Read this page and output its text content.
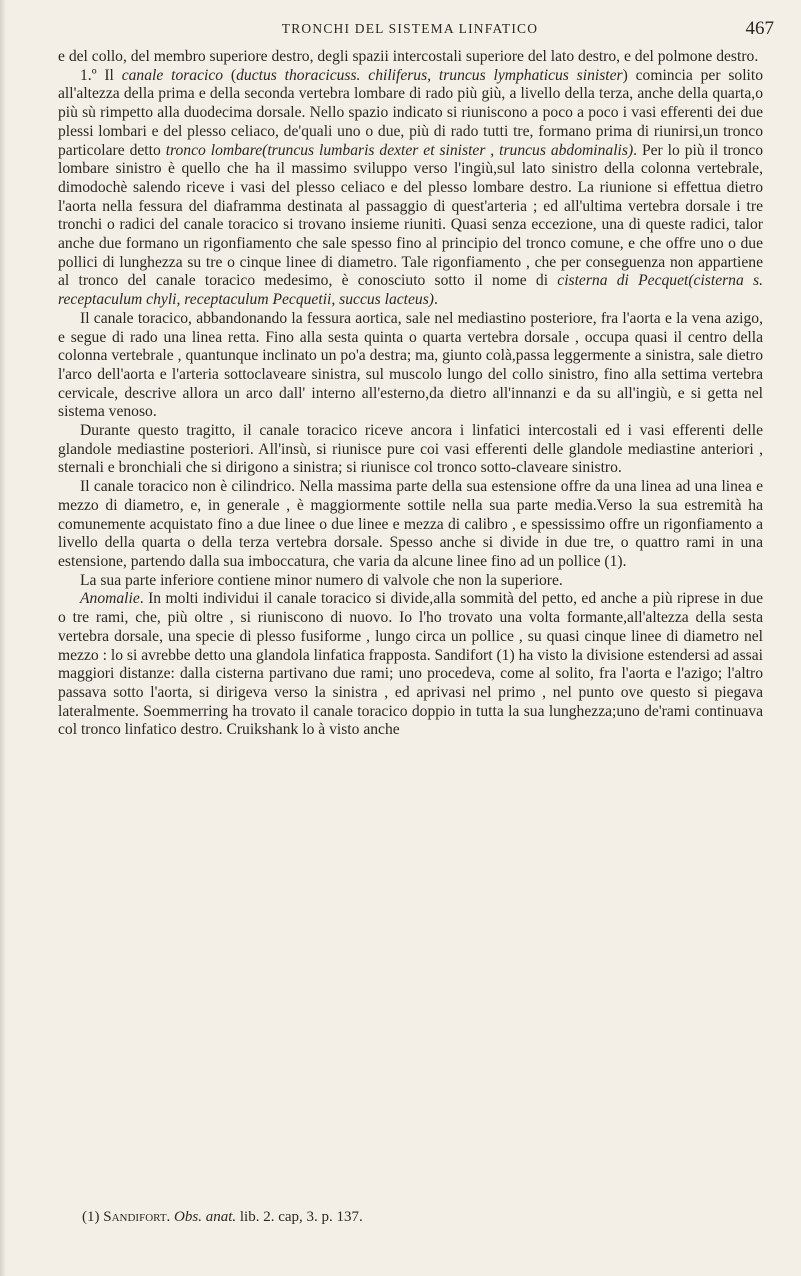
TRONCHI DEL SISTEMA LINFATICO	467

e del collo, del membro superiore destro, degli spazii intercostali superiore del lato destro, e del polmone destro.

1.º Il canale toracico (ductus thoracicuss. chiliferus, truncus lymphaticus sinister) comincia per solito all'altezza della prima e della seconda vertebra lombare di rado più giù, a livello della terza, anche della quarta,o più sù rimpetto alla duodecima dorsale. Nello spazio indicato si riuniscono a poco a poco i vasi efferenti dei due plessi lombari e del plesso celiaco, de'quali uno o due, più di rado tutti tre, formano prima di riunirsi,un tronco particolare detto tronco lombare(truncus lumbaris dexter et sinister , truncus abdominalis). Per lo più il tronco lombare sinistro è quello che ha il massimo sviluppo verso l'ingiù,sul lato sinistro della colonna vertebrale, dimodochè salendo riceve i vasi del plesso celiaco e del plesso lombare destro. La riunione si effettua dietro l'aorta nella fessura del diaframma destinata al passaggio di quest'arteria ; ed all'ultima vertebra dorsale i tre tronchi o radici del canale toracico si trovano insieme riuniti. Quasi senza eccezione, una di queste radici, talor anche due formano un rigonfiamento che sale spesso fino al principio del tronco comune, e che offre uno o due pollici di lunghezza su tre o cinque linee di diametro. Tale rigonfiamento , che per conseguenza non appartiene al tronco del canale toracico medesimo, è conosciuto sotto il nome di cisterna di Pecquet(cisterna s. receptaculum chyli, receptaculum Pecquetii, succus lacteus).

Il canale toracico, abbandonando la fessura aortica, sale nel mediastino posteriore, fra l'aorta e la vena azigo, e segue di rado una linea retta. Fino alla sesta quinta o quarta vertebra dorsale , occupa quasi il centro della colonna vertebrale , quantunque inclinato un po'a destra; ma, giunto colà,passa leggermente a sinistra, sale dietro l'arco dell'aorta e l'arteria sottoclaveare sinistra, sul muscolo lungo del collo sinistro, fino alla settima vertebra cervicale, descrive allora un arco dall' interno all'esterno,da dietro all'innanzi e da su all'ingiù, e si getta nel sistema venoso.

Durante questo tragitto, il canale toracico riceve ancora i linfatici intercostali ed i vasi efferenti delle glandole mediastine posteriori. All'insù, si riunisce pure coi vasi efferenti delle glandole mediastine anteriori , sternali e bronchiali che si dirigono a sinistra; si riunisce col tronco sotto-claveare sinistro.

Il canale toracico non è cilindrico. Nella massima parte della sua estensione offre da una linea ad una linea e mezzo di diametro, e, in generale , è maggiormente sottile nella sua parte media.Verso la sua estremità ha comunemente acquistato fino a due linee o due linee e mezza di calibro , e spessissimo offre un rigonfiamento a livello della quarta o della terza vertebra dorsale. Spesso anche si divide in due tre, o quattro rami in una estensione, partendo dalla sua imboccatura, che varia da alcune linee fino ad un pollice (1).

La sua parte inferiore contiene minor numero di valvole che non la superiore.

Anomalie. In molti individui il canale toracico si divide,alla sommità del petto, ed anche a più riprese in due o tre rami, che, più oltre , si riuniscono di nuovo. Io l'ho trovato una volta formante,all'altezza della sesta vertebra dorsale, una specie di plesso fusiforme , lungo circa un pollice , su quasi cinque linee di diametro nel mezzo : lo si avrebbe detto una glandola linfatica frapposta. Sandifort (1) ha visto la divisione estendersi ad assai maggiori distanze: dalla cisterna partivano due rami; uno procedeva, come al solito, fra l'aorta e l'azigo; l'altro passava sotto l'aorta, si dirigeva verso la sinistra , ed aprivasi nel primo , nel punto ove questo si piegava lateralmente. Soemmerring ha trovato il canale toracico doppio in tutta la sua lunghezza;uno de'rami continuava col tronco linfatico destro. Cruikshank lo à visto anche

(1) Sandifort. Obs. anat. lib. 2. cap, 3. p. 137.
